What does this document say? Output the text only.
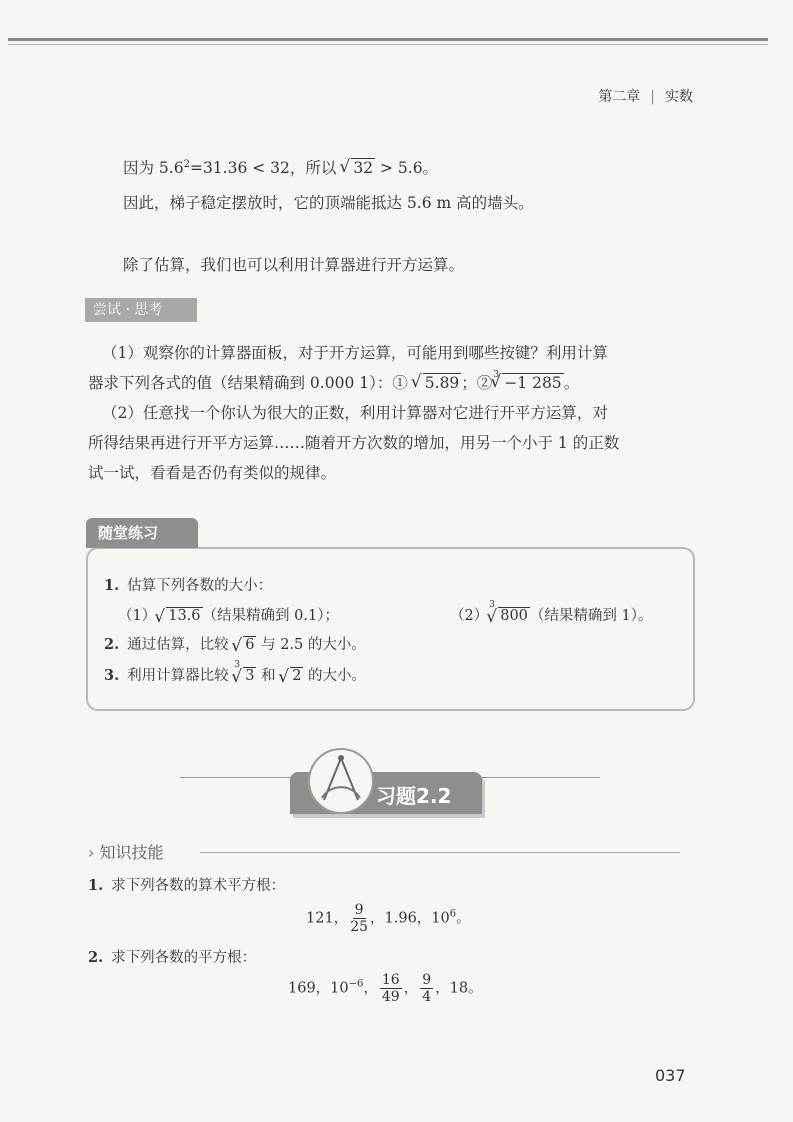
第二章 | 实数
因为 $5.6^2=31.36 < 32$，所以 √ 32 > 5.6。
因此，梯子稳定摆放时，它的顶端能抵达 5.6 m 高的墙头。
除了估算，我们也可以利用计算器进行开方运算。
尝试 · 思考
（1）观察你的计算器面板，对于开方运算，可能用到哪些按键？利用计算
器求下列各式的值（结果精确到 0.000 1）：① √ 5.89 ；② √ 3 −1 285 。
（2）任意找一个你认为很大的正数，利用计算器对它进行开平方运算，对
所得结果再进行开平方运算……随着开方次数的增加，用另一个小于 1 的正数
试一试，看看是否仍有类似的规律。
随堂练习
1. 估算下列各数的大小：
（1） √ 13.6 （结果精确到 0.1）；	（2）
√ 3
800 （结果精确到 1）。
2. 通过估算，比较 √ 6 与 2.5 的大小。
3. 利用计算器比较
√ 3
3 和 √ 2 的大小。
习题2.2
› 知识技能
1. 求下列各数的算术平方根：
121， $\frac{9}{25}$ ，1.96，$10^6$。
2. 求下列各数的平方根：
169，$10^{-6}$， $\frac{16}{49}$ ， $\frac{9}{4}$ ，18。
037
